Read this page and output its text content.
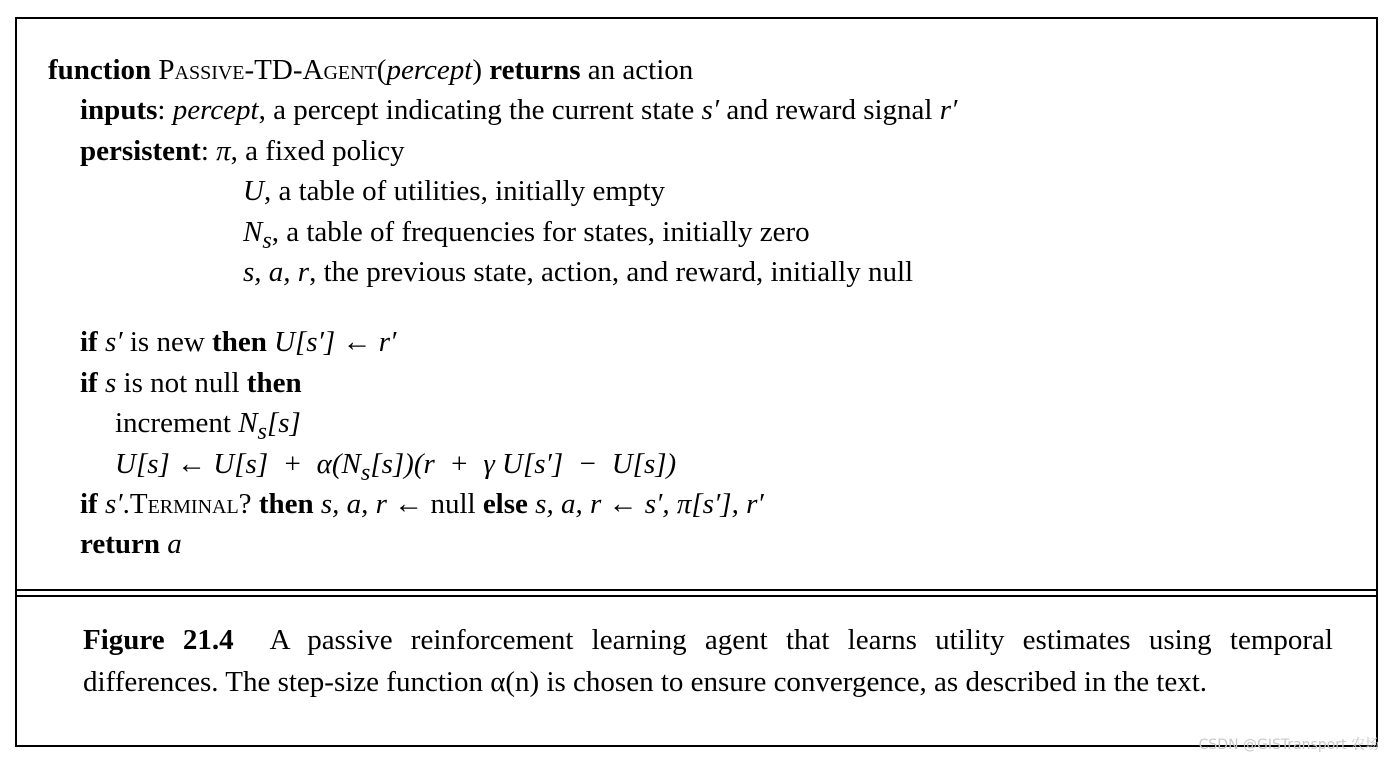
function Passive-TD-Agent(percept) returns an action
inputs: percept, a percept indicating the current state s′ and reward signal r′
persistent: π, a fixed policy
U, a table of utilities, initially empty
$N_s$, a table of frequencies for states, initially zero
s, a, r, the previous state, action, and reward, initially null
if s′ is new then U[s′] ← r′
if s is not null then
increment $N_s[s]$
U[s] ← $U[s] + \alpha(N_s[s])(r + \gamma$ U[s′]  −  U[s])
if s′.Terminal? then s, a, r ← null else s, a, r ← s′, π[s′], r′
return a
Figure 21.4 A passive reinforcement learning agent that learns utility estimates using temporal differences. The step-size function α(n) is chosen to ensure convergence, as described in the text.
CSDN @GISTransport 农场
